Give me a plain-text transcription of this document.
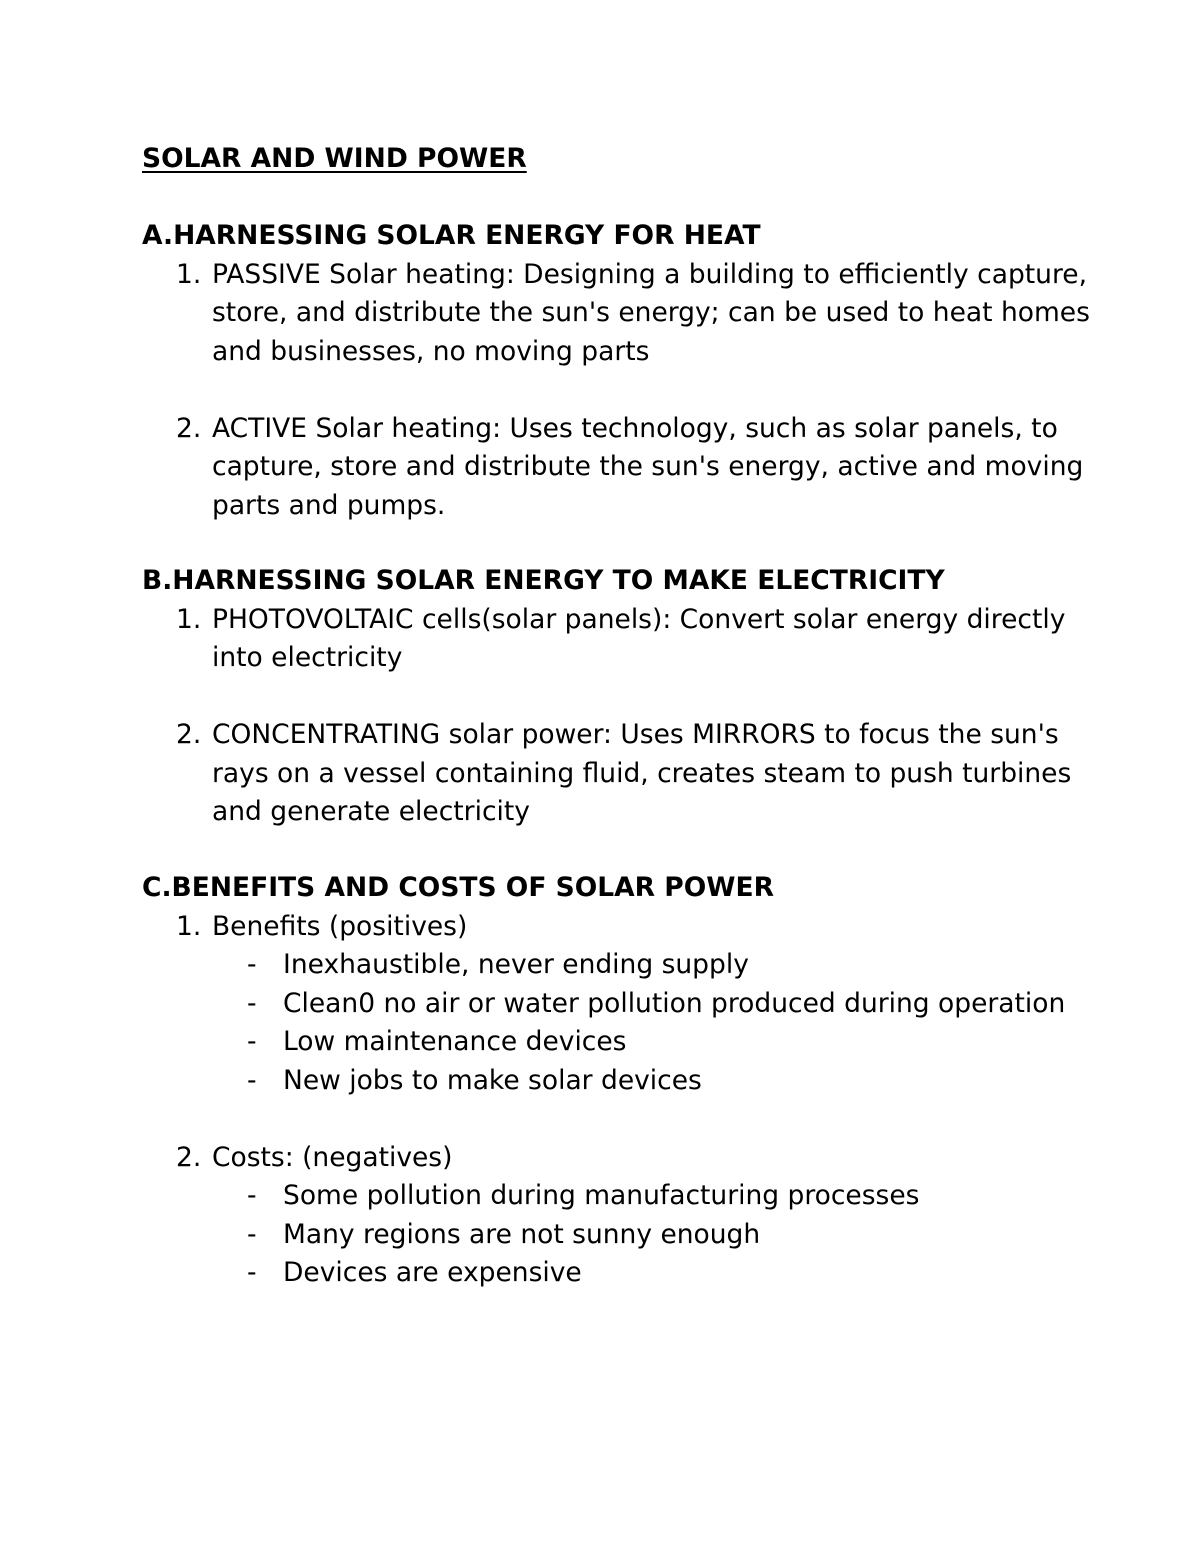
SOLAR AND WIND POWER
A.HARNESSING SOLAR ENERGY FOR HEAT
1. PASSIVE Solar heating: Designing a building to efficiently capture, store, and distribute the sun's energy; can be used to heat homes and businesses, no moving parts
2. ACTIVE Solar heating: Uses technology, such as solar panels, to capture, store and distribute the sun's energy, active and moving parts and pumps.
B.HARNESSING SOLAR ENERGY TO MAKE ELECTRICITY
1. PHOTOVOLTAIC cells(solar panels): Convert solar energy directly into electricity
2. CONCENTRATING solar power: Uses MIRRORS to focus the sun's rays on a vessel containing fluid, creates steam to push turbines and generate electricity
C.BENEFITS AND COSTS OF SOLAR POWER
1. Benefits (positives)
- Inexhaustible, never ending supply
- Clean0 no air or water pollution produced during operation
- Low maintenance devices
- New jobs to make solar devices
2. Costs: (negatives)
- Some pollution during manufacturing processes
- Many regions are not sunny enough
- Devices are expensive
